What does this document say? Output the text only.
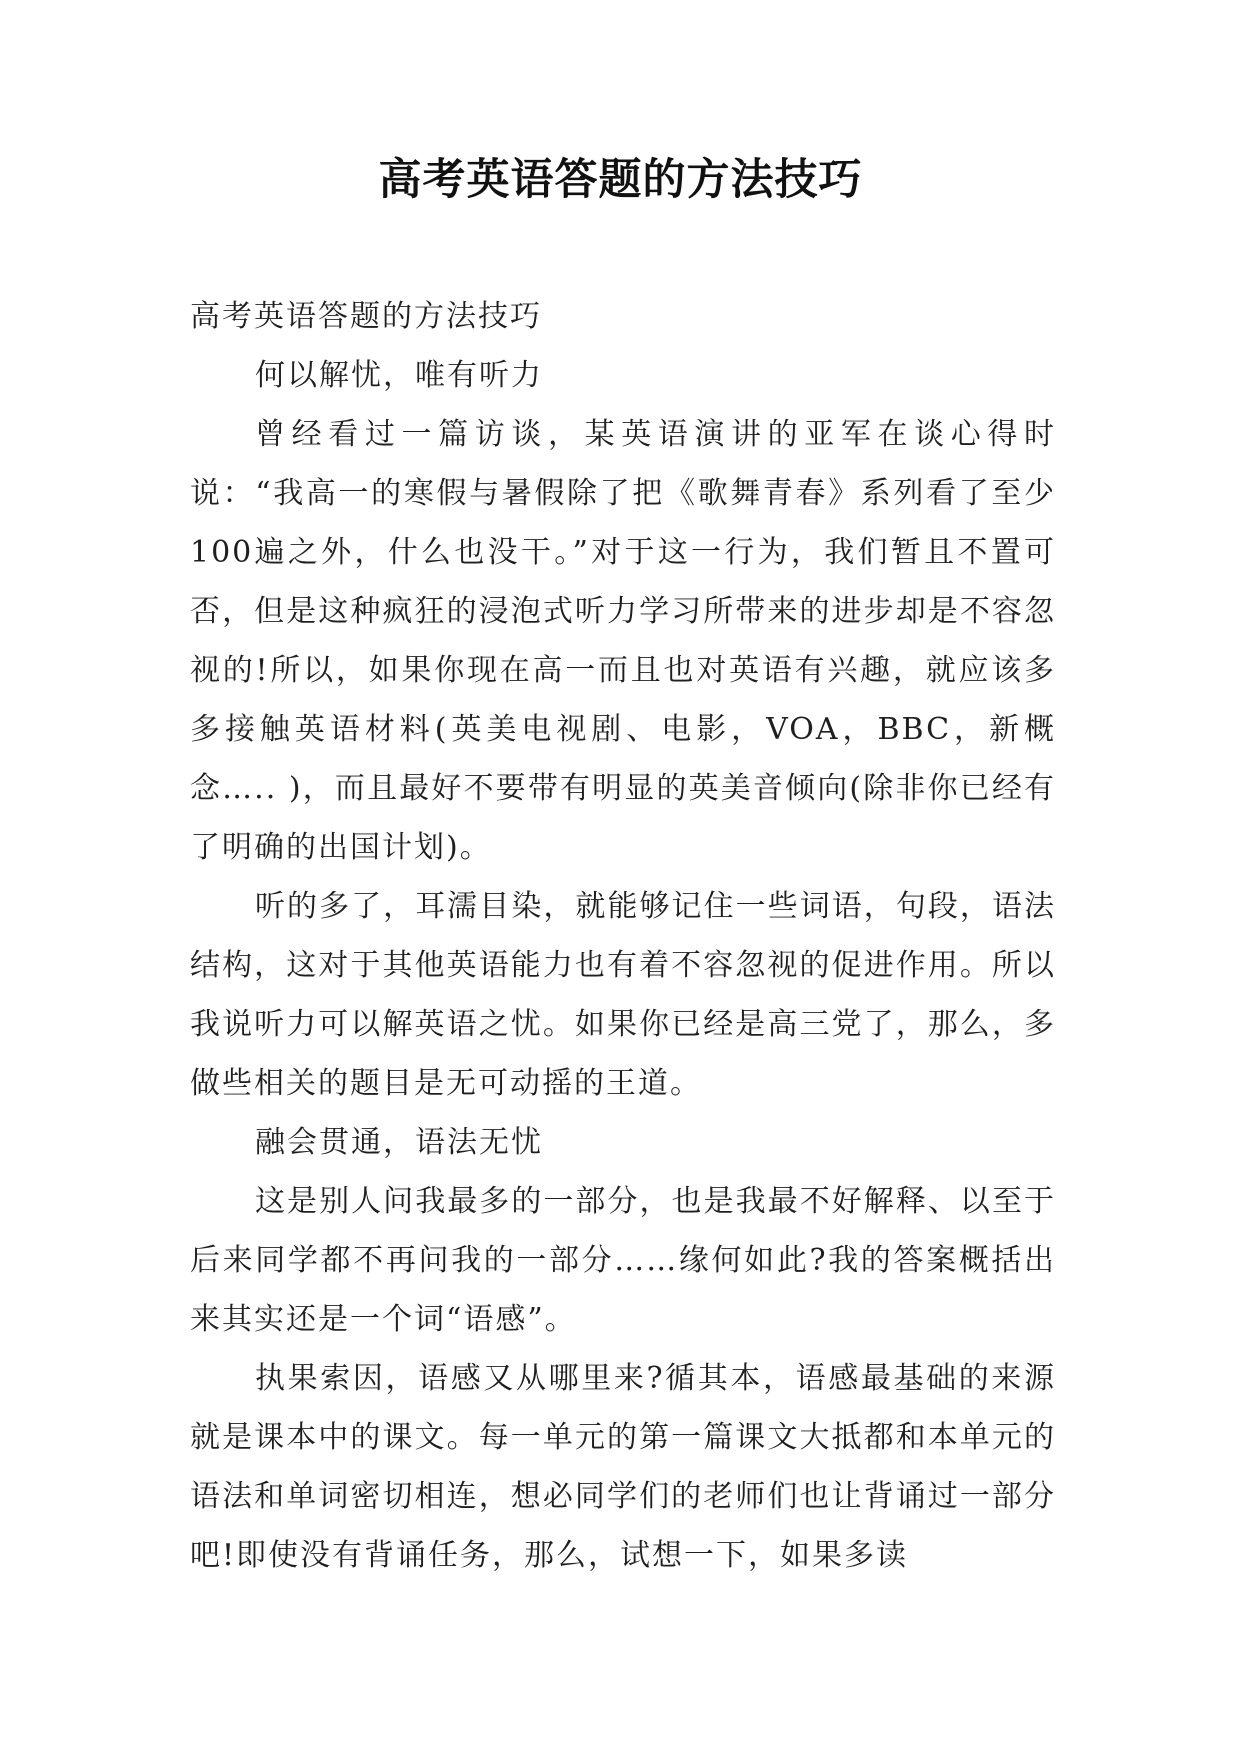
高考英语答题的方法技巧

高考英语答题的方法技巧

何以解忧，唯有听力

曾经看过一篇访谈，某英语演讲的亚军在谈心得时说：“我高一的寒假与暑假除了把《歌舞青春》系列看了至少100遍之外，什么也没干。”对于这一行为，我们暂且不置可否，但是这种疯狂的浸泡式听力学习所带来的进步却是不容忽视的!所以，如果你现在高一而且也对英语有兴趣，就应该多多接触英语材料(英美电视剧、电影，VOA，BBC，新概念….. )，而且最好不要带有明显的英美音倾向(除非你已经有了明确的出国计划)。

听的多了，耳濡目染，就能够记住一些词语，句段，语法结构，这对于其他英语能力也有着不容忽视的促进作用。所以我说听力可以解英语之忧。如果你已经是高三党了，那么，多做些相关的题目是无可动摇的王道。

融会贯通，语法无忧

这是别人问我最多的一部分，也是我最不好解释、以至于后来同学都不再问我的一部分……缘何如此?我的答案概括出来其实还是一个词“语感”。

执果索因，语感又从哪里来?循其本，语感最基础的来源就是课本中的课文。每一单元的第一篇课文大抵都和本单元的语法和单词密切相连，想必同学们的老师们也让背诵过一部分吧!即使没有背诵任务，那么，试想一下，如果多读
